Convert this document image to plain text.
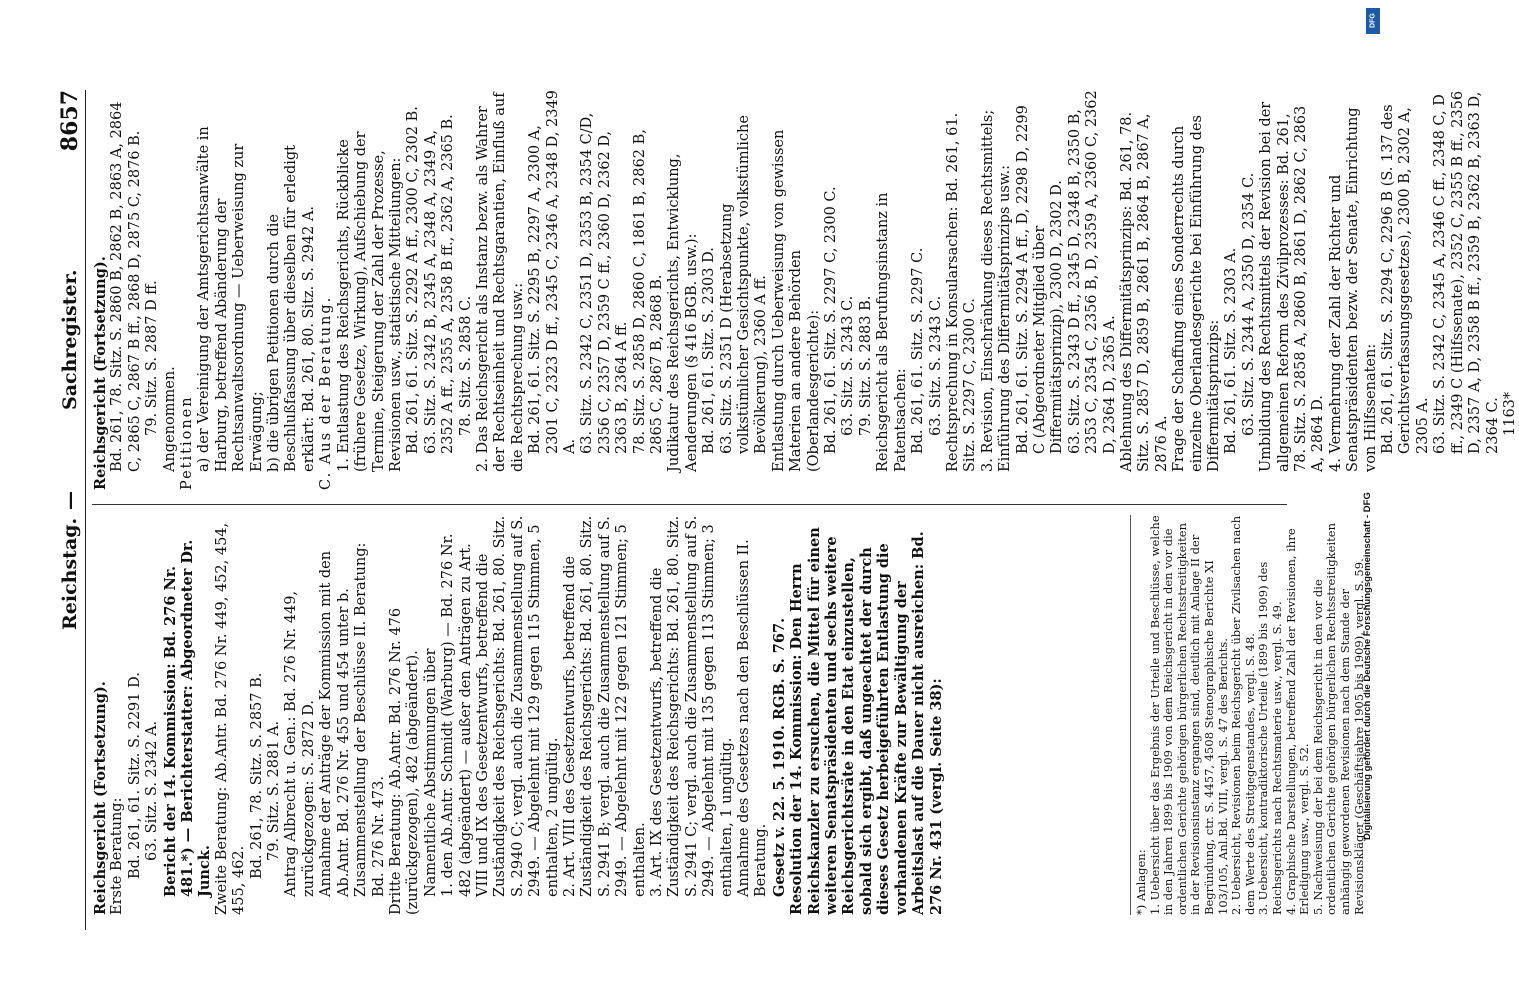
Reichstag.
—
Sachregister.
8657

Reichsgericht (Fortsetzung). Erste Beratung: Bd. 261, 61. Sitz. S. 2291 D. 63. Sitz. S. 2342 A. Bericht der 14. Kommission: Bd. 276 Nr. 481.*) — Berichterstatter: Abgeordneter Dr. Junck. Zweite Beratung: Ab.Antr. Bd. 276 Nr. 449, 452, 454, 455, 462.

Bd. 261, 78. Sitz. S. 2857 B. 79. Sitz. S. 2881 A. Antrag Albrecht u. Gen.: Bd. 276 Nr. 449, zurückgezogen: S. 2872 D. Annahme der Anträge der Kommission mit den Ab.Antr. Bd. 276 Nr. 455 und 454 unter b. Zusammenstellung der Beschlüsse II. Beratung: Bd. 276 Nr. 473. Dritte Beratung: Ab.Antr. Bd. 276 Nr. 476 (zurückgezogen), 482 (abgeändert). Namentliche Abstimmungen über 1. den Ab.Antr. Schmidt (Warburg) — Bd. 276 Nr. 482 (abgeändert) — außer den Anträgen zu Art. VIII und IX des Gesetzentwurfs, betreffend die Zuständigkeit des Reichsgerichts: Bd. 261, 80. Sitz. S. 2940 C; vergl. auch die Zusammenstellung auf S. 2949. — Abgelehnt mit 129 gegen 115 Stimmen, 5 enthalten, 2 ungültig. 2. Art. VIII des Gesetzentwurfs, betreffend die Zuständigkeit des Reichsgerichts: Bd. 261, 80. Sitz. S. 2941 B; vergl. auch die Zusammenstellung auf S. 2949. — Abgelehnt mit 122 gegen 121 Stimmen; 5 enthalten. 3. Art. IX des Gesetzentwurfs, betreffend die Zuständigkeit des Reichsgerichts: Bd. 261, 80. Sitz. S. 2941 C; vergl. auch die Zusammenstellung auf S. 2949. — Abgelehnt mit 135 gegen 113 Stimmen; 3 enthalten, 1 ungültig. Annahme des Gesetzes nach den Beschlüssen II. Beratung. Gesetz v. 22. 5. 1910. RGB. S. 767. Resolution der 14. Kommission: Den Herrn Reichskanzler zu ersuchen, die Mittel für einen weiteren Senatspräsidenten und sechs weitere Reichsgerichtsräte in den Etat einzustellen, sobald sich ergibt, daß ungeachtet der durch dieses Gesetz herbeigeführten Entlastung die vorhandenen Kräfte zur Bewältigung der Arbeitslast auf die Dauer nicht ausreichen: Bd. 276 Nr. 431 (vergl. Seite 38):

Reichsgericht (Fortsetzung). Bd. 261, 78. Sitz. S. 2860 B, 2862 B, 2863 A, 2864 C, 2865 C, 2867 B ff., 2868 D, 2875 C, 2876 B. 79. Sitz. S. 2887 D ff. Angenommen. Petitionen a) der Vereinigung der Amtsgerichtsanwälte in Harburg, betreffend Abänderung der Rechtsanwaltsordnung — Ueberweisung zur Erwägung; b) die übrigen Petitionen durch die Beschlußfassung über dieselben für erledigt erklärt: Bd. 261, 80. Sitz. S. 2942 A. C. Aus der Beratung. 1. Entlastung des Reichsgerichts, Rückblicke (frühere Gesetze, Wirkung), Aufschiebung der Termine, Steigerung der Zahl der Prozesse, Revisionen usw., statistische Mitteilungen: Bd. 261, 61. Sitz. S. 2292 A ff., 2300 C, 2302 B. 63. Sitz. S. 2342 B, 2345 A, 2348 A, 2349 A, 2352 A ff., 2355 A, 2358 B ff., 2362 A, 2365 B. 78. Sitz. S. 2858 C. 2. Das Reichsgericht als Instanz bezw. als Wahrer der Rechtseinheit und Rechtsgarantien, Einfluß auf die Rechtsprechung usw.: Bd. 261, 61. Sitz. S. 2295 B, 2297 A, 2300 A, 2301 C, 2323 D ff., 2345 C, 2346 A, 2348 D, 2349 A. 63. Sitz. S. 2342 C, 2351 D, 2353 B, 2354 C/D, 2356 C, 2357 D, 2359 C ff., 2360 D, 2362 D, 2363 B, 2364 A ff. 78. Sitz. S. 2858 D, 2860 C, 1861 B, 2862 B, 2865 C, 2867 B, 2868 B. Judikatur des Reichsgerichts, Entwicklung, Aenderungen (§ 416 BGB. usw.): Bd. 261, 61. Sitz. S. 2303 D. 63. Sitz. S. 2351 D (Herabsetzung volkstümlicher Gesichtspunkte, volkstümliche Bevölkerung), 2360 A ff. Entlastung durch Ueberweisung von gewissen Materien an andere Behörden (Oberlandesgerichte): Bd. 261, 61. Sitz. S. 2297 C, 2300 C. 63. Sitz. S. 2343 C. 79. Sitz. S. 2883 B. Reichsgericht als Berufungsinstanz in Patentsachen: Bd. 261, 61. Sitz. S. 2297 C. 63. Sitz. S. 2343 C. Rechtsprechung in Konsularsachen: Bd. 261, 61. Sitz. S. 2297 C, 2300 C. 3. Revision, Einschränkung dieses Rechtsmittels; Einführung des Differmitätsprinzips usw.: Bd. 261, 61. Sitz. S. 2294 A ff., D, 2298 D, 2299 C (Abgeordneter Mitglied über Differmitätsprinzip), 2300 D, 2302 D. 63. Sitz. S. 2343 D ff., 2345 D, 2348 B, 2350 B, 2353 C, 2354 C, 2356 B, D, 2359 A, 2360 C, 2362 D, 2364 D, 2365 A. Ablehnung des Differmitätsprinzips: Bd. 261, 78. Sitz. S. 2857 D, 2859 B, 2861 B, 2864 B, 2867 A, 2876 A. Frage der Schaffung eines Sonderrechts durch einzelne Oberlandesgerichte bei Einführung des Differmitätsprinzips: Bd. 261, 61. Sitz. S. 2303 A. 63. Sitz. S. 2344 A, 2350 D, 2354 C. Umbildung des Rechtsmittels der Revision bei der allgemeinen Reform des Zivilprozesses: Bd. 261, 78. Sitz. S. 2858 A, 2860 B, 2861 D, 2862 C, 2863 A, 2864 D. 4. Vermehrung der Zahl der Richter und Senatspräsidenten bezw. der Senate, Einrichtung von Hilfssenaten: Bd. 261, 61. Sitz. S. 2294 C, 2296 B (S. 137 des Gerichtsverfassungsgesetzes), 2300 B, 2302 A, 2305 A. 63. Sitz. S. 2342 C, 2345 A, 2346 C ff., 2348 C, D ff., 2349 C (Hilfssenate), 2352 C, 2355 B ff., 2356 D, 2357 A, D, 2358 B ff., 2359 B, 2362 B, 2363 D, 2364 C. 1163*

*) Anlagen: 1. Uebersicht über das Ergebnis der Urteile und Beschlüsse, welche in den Jahren 1899 bis 1909 von dem Reichsgericht in den vor die ordentlichen Gerichte gehörigen bürgerlichen Rechtsstreitigkeiten in der Revisionsinstanz ergangen sind, deutlich mit Anlage II der Begründung, ctr. S. 4457, 4508 Stenographische Berichte XI 103/105, Anl.Bd. VIII, vergl. S. 47 des Berichts. 2. Uebersicht, Revisionen beim Reichsgericht über Zivilsachen nach dem Werte des Streitgegenstandes, vergl. S. 48. 3. Uebersicht, kontradiktorische Urteile (1899 bis 1909) des Reichsgerichts nach Rechtsmaterie usw., vergl. S. 49. 4. Graphische Darstellungen, betreffend Zahl der Revisionen, ihre Erledigung usw., vergl. S. 52. 5. Nachweisung der bei dem Reichsgericht in den vor die ordentlichen Gerichte gehörigen bürgerlichen Rechtsstreitigkeiten anhängig gewordenen Revisionen nach dem Stande der Revisionskläger (Geschäftsjahre 1905 bis 1909), vergl. S. 59.

Digitalisierung gefördert durch die Deutsche Forschungsgemeinschaft - DFG
DFG
